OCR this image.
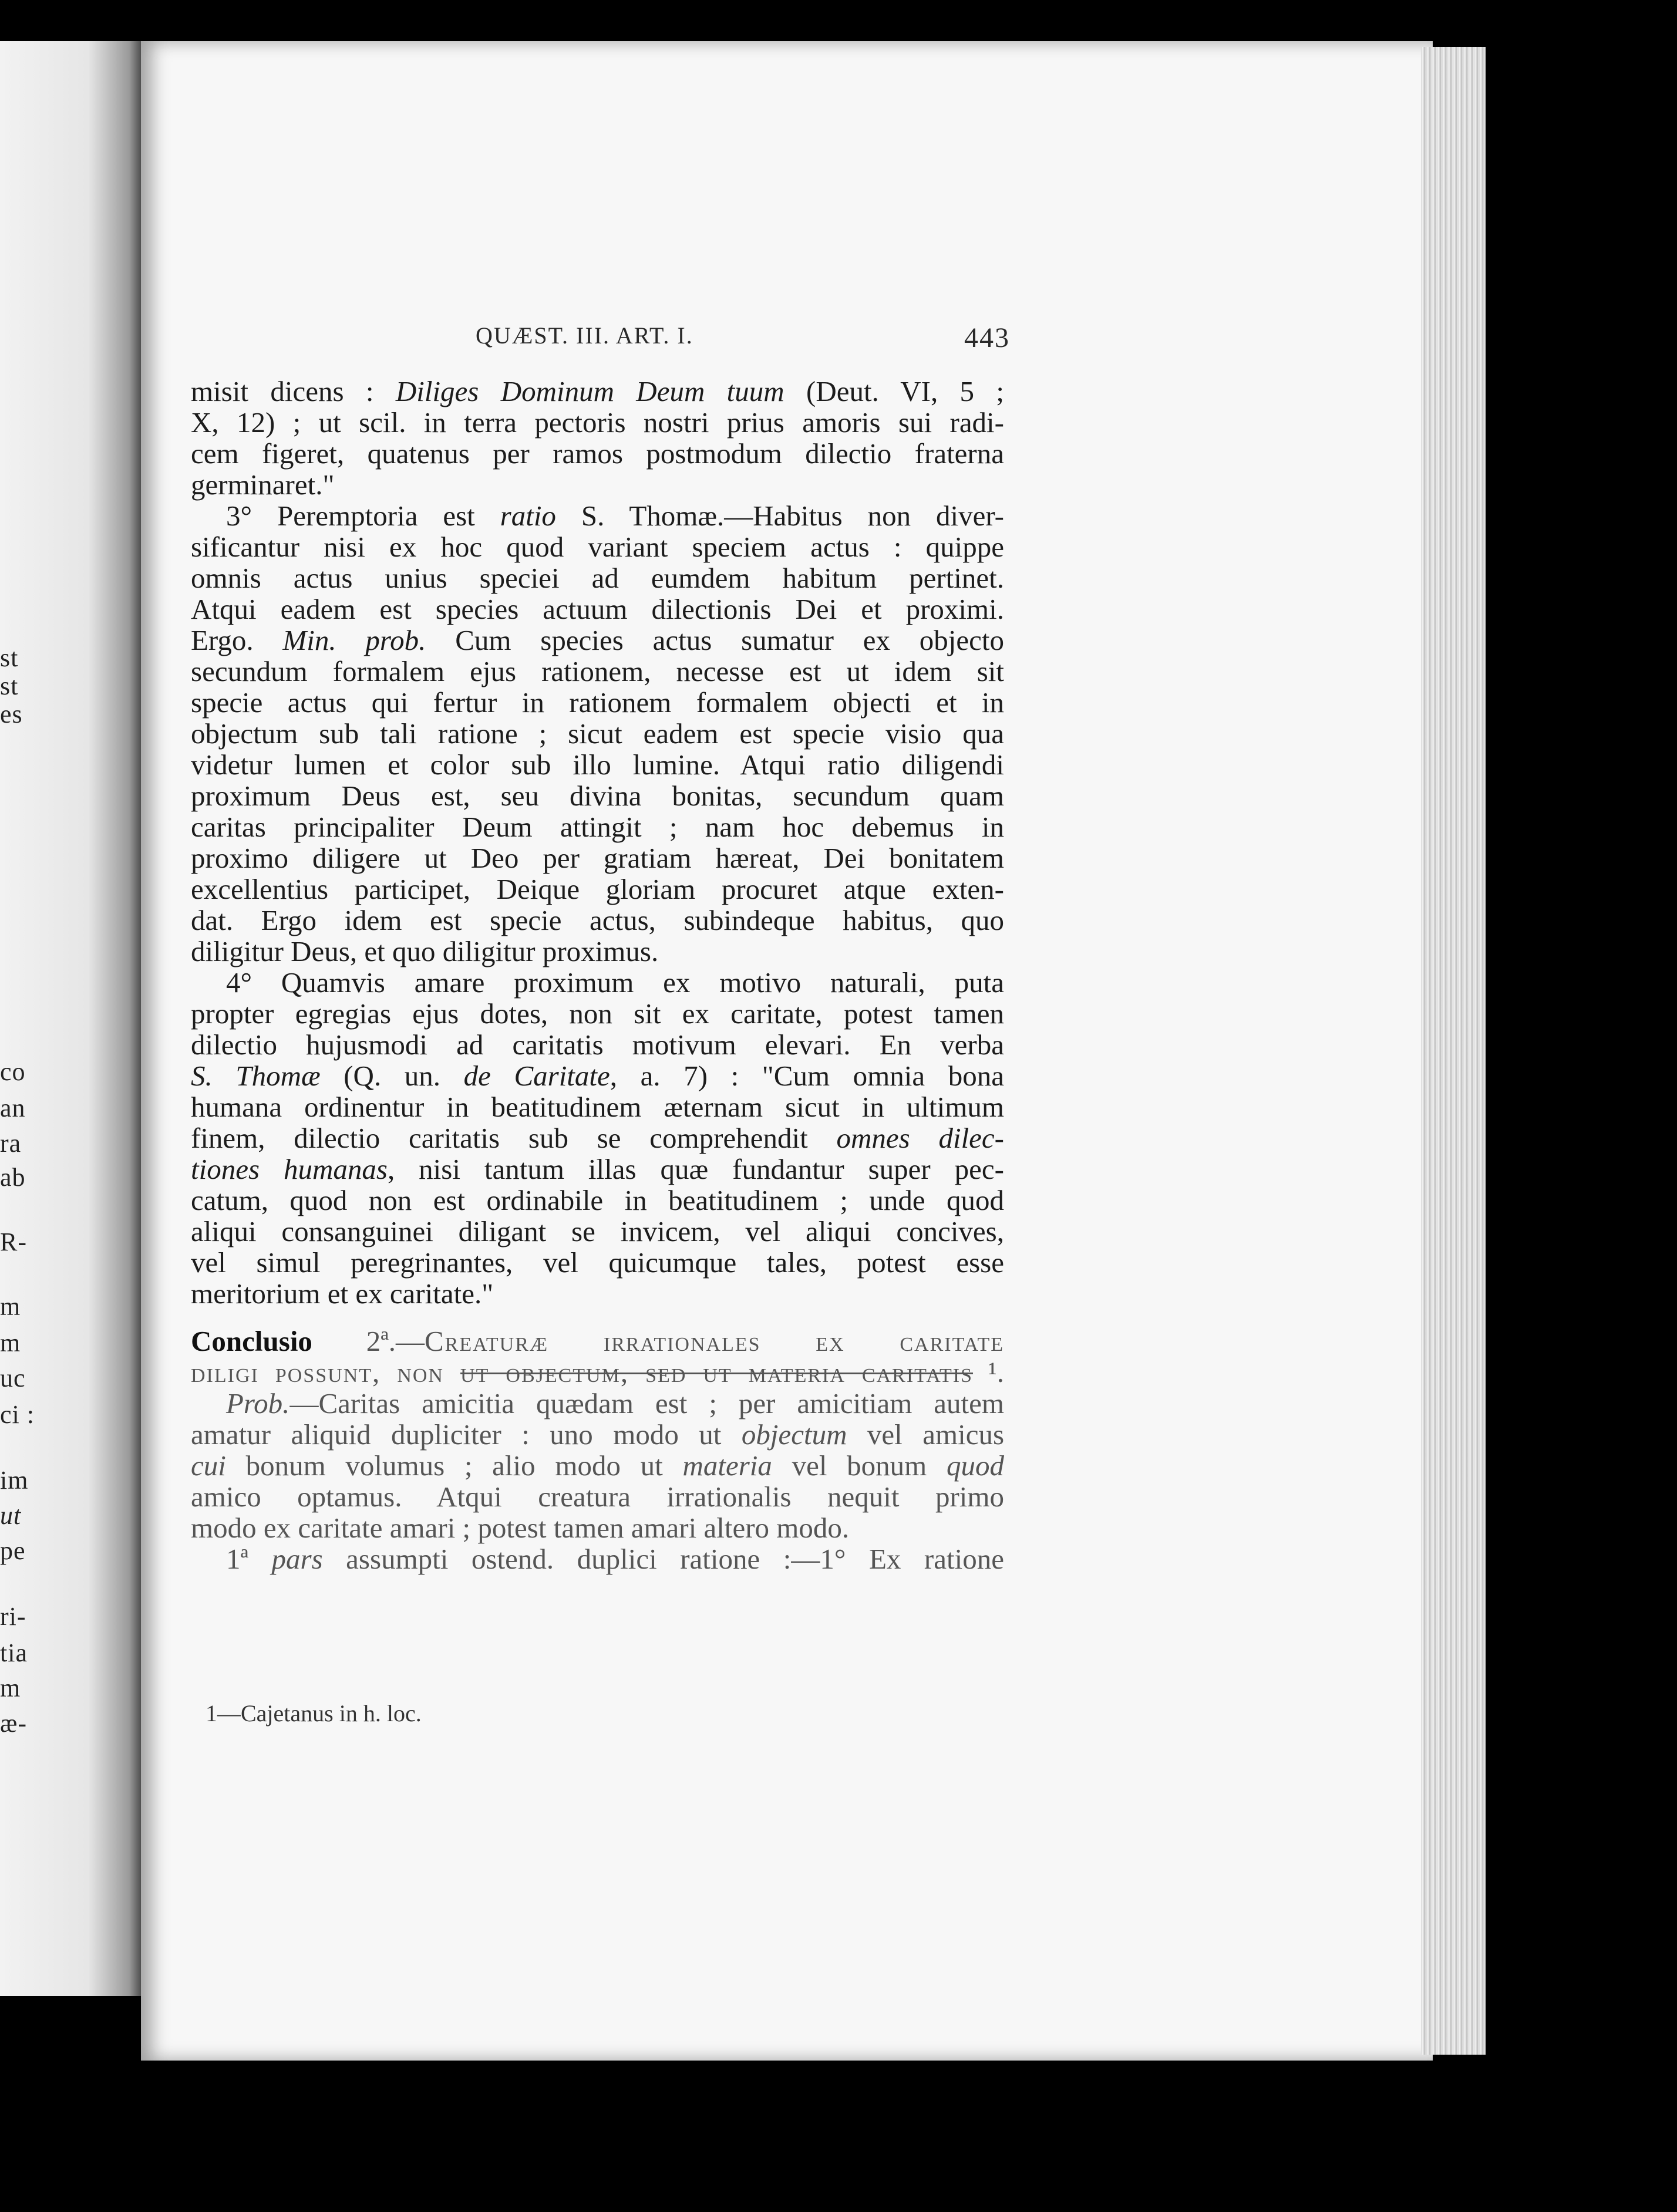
st
st
es
co
an
ra
ab
R-
m
m
uc
ci :
im
ut
pe
ri-
tia
m
æ-
QUÆST. III. ART. I.	443
misit dicens : Diliges Dominum Deum tuum (Deut. VI, 5 ;
X, 12) ; ut scil. in terra pectoris nostri prius amoris sui radi-
cem figeret, quatenus per ramos postmodum dilectio fraterna
germinaret."
3° Peremptoria est ratio S. Thomæ.—Habitus non diver-
sificantur nisi ex hoc quod variant speciem actus : quippe
omnis actus unius speciei ad eumdem habitum pertinet.
Atqui eadem est species actuum dilectionis Dei et proximi.
Ergo. Min. prob. Cum species actus sumatur ex objecto
secundum formalem ejus rationem, necesse est ut idem sit
specie actus qui fertur in rationem formalem objecti et in
objectum sub tali ratione ; sicut eadem est specie visio qua
videtur lumen et color sub illo lumine. Atqui ratio diligendi
proximum Deus est, seu divina bonitas, secundum quam
caritas principaliter Deum attingit ; nam hoc debemus in
proximo diligere ut Deo per gratiam hæreat, Dei bonitatem
excellentius participet, Deique gloriam procuret atque exten-
dat. Ergo idem est specie actus, subindeque habitus, quo
diligitur Deus, et quo diligitur proximus.
4° Quamvis amare proximum ex motivo naturali, puta
propter egregias ejus dotes, non sit ex caritate, potest tamen
dilectio hujusmodi ad caritatis motivum elevari. En verba
S. Thomæ (Q. un. de Caritate, a. 7) : "Cum omnia bona
humana ordinentur in beatitudinem æternam sicut in ultimum
finem, dilectio caritatis sub se comprehendit omnes dilec-
tiones humanas, nisi tantum illas quæ fundantur super pec-
catum, quod non est ordinabile in beatitudinem ; unde quod
aliqui consanguinei diligant se invicem, vel aliqui concives,
vel simul peregrinantes, vel quicumque tales, potest esse
meritorium et ex caritate."
Conclusio 2ª.—Creaturæ irrationales ex caritate
diligi possunt, non ut objectum, sed ut materia caritatis ¹.
Prob.—Caritas amicitia quædam est ; per amicitiam autem
amatur aliquid dupliciter : uno modo ut objectum vel amicus
cui bonum volumus ; alio modo ut materia vel bonum quod
amico optamus. Atqui creatura irrationalis nequit primo
modo ex caritate amari ; potest tamen amari altero modo.
1ª pars assumpti ostend. duplici ratione :—1° Ex ratione
1—Cajetanus in h. loc.
